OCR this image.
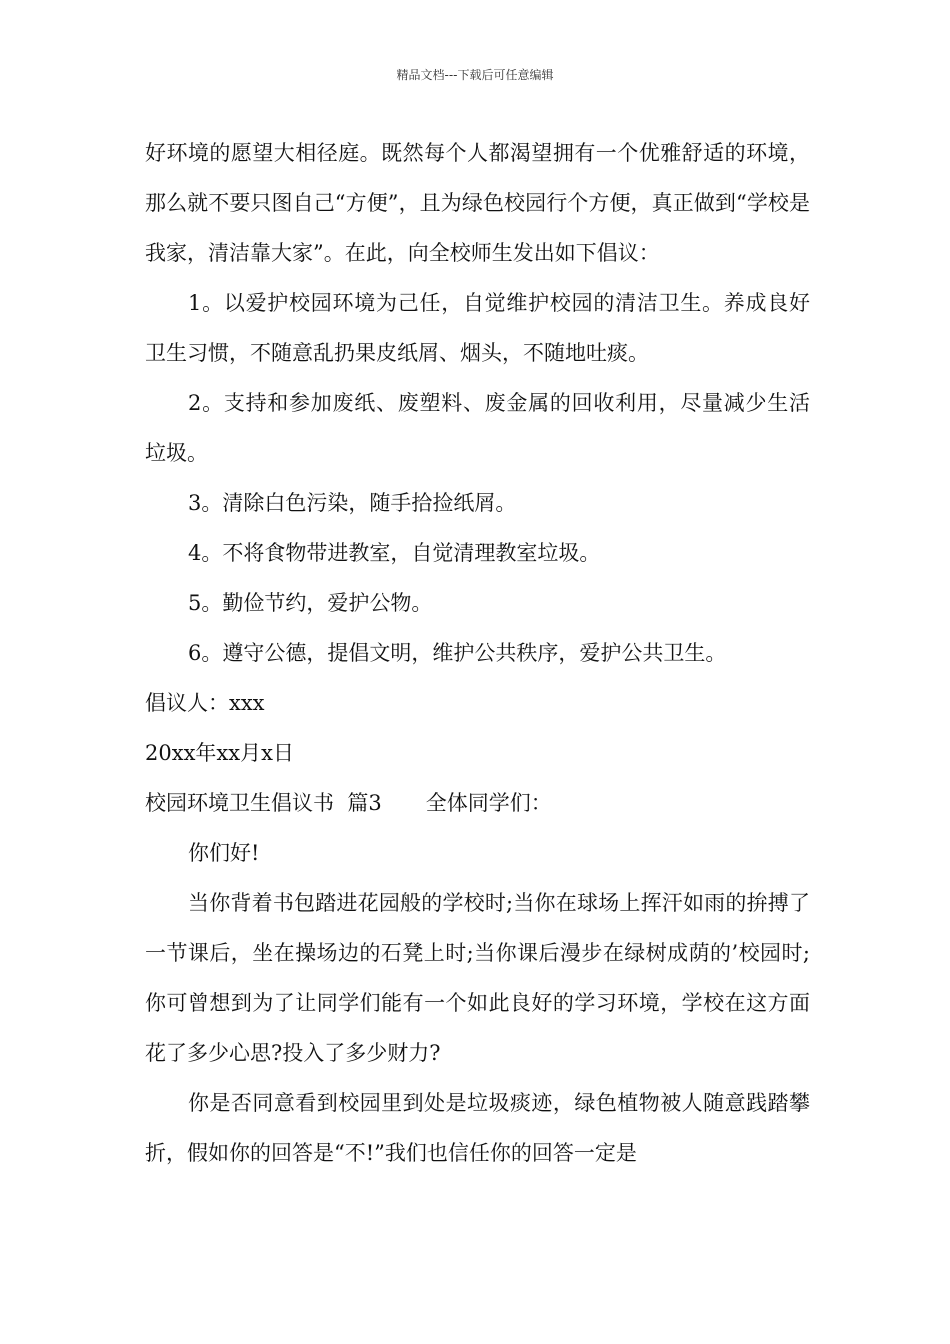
精品文档---下载后可任意编辑

好环境的愿望大相径庭。既然每个人都渴望拥有一个优雅舒适的环境，那么就不要只图自己“方便”，且为绿色校园行个方便，真正做到“学校是我家，清洁靠大家”。在此，向全校师生发出如下倡议：

1。以爱护校园环境为己任，自觉维护校园的清洁卫生。养成良好卫生习惯，不随意乱扔果皮纸屑、烟头，不随地吐痰。

2。支持和参加废纸、废塑料、废金属的回收利用，尽量减少生活垃圾。

3。清除白色污染，随手拾捡纸屑。

4。不将食物带进教室，自觉清理教室垃圾。

5。勤俭节约，爱护公物。

6。遵守公德，提倡文明，维护公共秩序，爱护公共卫生。

倡议人：xxx

20xx年xx月x日

校园环境卫生倡议书  篇3 全体同学们：

你们好!

当你背着书包踏进花园般的学校时;当你在球场上挥汗如雨的拚搏了一节课后，坐在操场边的石凳上时;当你课后漫步在绿树成荫的’校园时;你可曾想到为了让同学们能有一个如此良好的学习环境，学校在这方面花了多少心思?投入了多少财力?

你是否同意看到校园里到处是垃圾痰迹，绿色植物被人随意践踏攀折，假如你的回答是“不!”我们也信任你的回答一定是
